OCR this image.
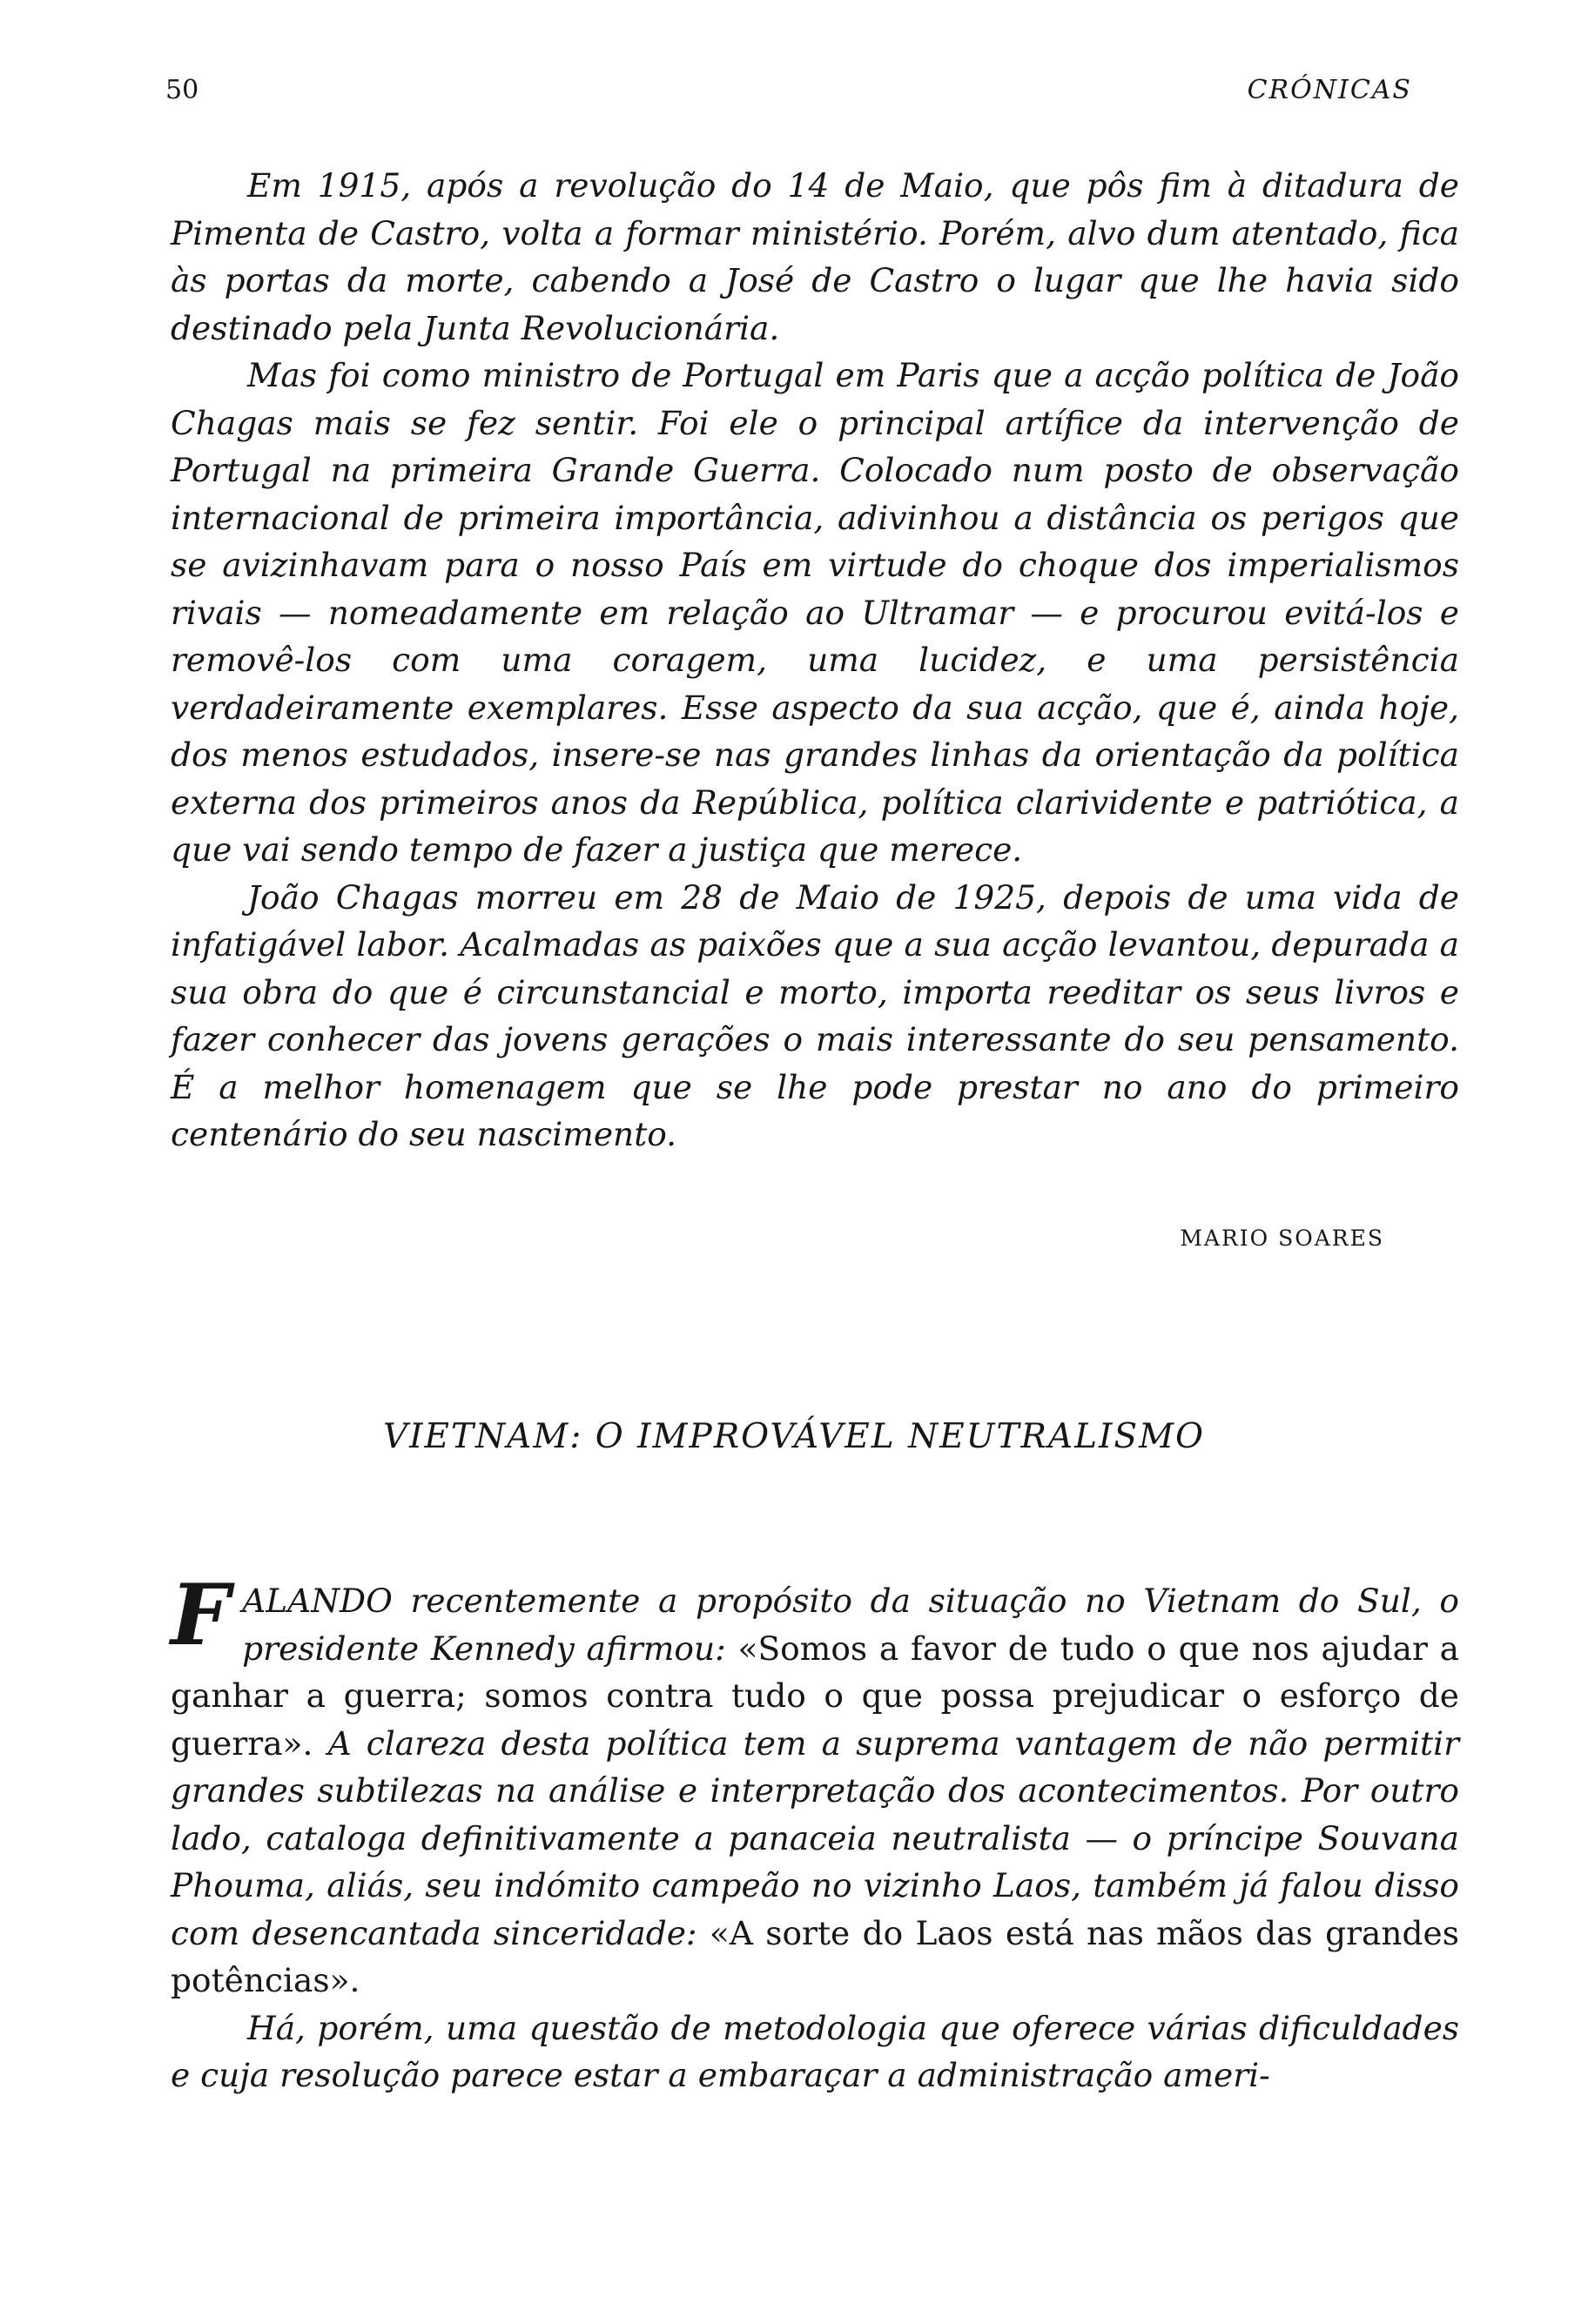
50	CRÓNICAS

Em 1915, após a revolução do 14 de Maio, que pôs fim à ditadura de Pimenta de Castro, volta a formar ministério. Porém, alvo dum atentado, fica às portas da morte, cabendo a José de Castro o lugar que lhe havia sido destinado pela Junta Revolucionária.

Mas foi como ministro de Portugal em Paris que a acção política de João Chagas mais se fez sentir. Foi ele o principal artífice da intervenção de Portugal na primeira Grande Guerra. Colocado num posto de observação internacional de primeira importância, adivinhou a distância os perigos que se avizinhavam para o nosso País em virtude do choque dos imperialismos rivais — nomeadamente em relação ao Ultramar — e procurou evitá-los e removê-los com uma coragem, uma lucidez, e uma persistência verdadeiramente exemplares. Esse aspecto da sua acção, que é, ainda hoje, dos menos estudados, insere-se nas grandes linhas da orientação da política externa dos primeiros anos da República, política clarividente e patriótica, a que vai sendo tempo de fazer a justiça que merece.

João Chagas morreu em 28 de Maio de 1925, depois de uma vida de infatigável labor. Acalmadas as paixões que a sua acção levantou, depurada a sua obra do que é circunstancial e morto, importa reeditar os seus livros e fazer conhecer das jovens gerações o mais interessante do seu pensamento. É a melhor homenagem que se lhe pode prestar no ano do primeiro centenário do seu nascimento.

MARIO SOARES
VIETNAM: O IMPROVÁVEL NEUTRALISMO

FALANDO recentemente a propósito da situação no Vietnam do Sul, o presidente Kennedy afirmou: «Somos a favor de tudo o que nos ajudar a ganhar a guerra; somos contra tudo o que possa prejudicar o esforço de guerra». A clareza desta política tem a suprema vantagem de não permitir grandes subtilezas na análise e interpretação dos acontecimentos. Por outro lado, cataloga definitivamente a panaceia neutralista — o príncipe Souvana Phouma, aliás, seu indómito campeão no vizinho Laos, também já falou disso com desencantada sinceridade: «A sorte do Laos está nas mãos das grandes potências».

Há, porém, uma questão de metodologia que oferece várias dificuldades e cuja resolução parece estar a embaraçar a administração ameri-
